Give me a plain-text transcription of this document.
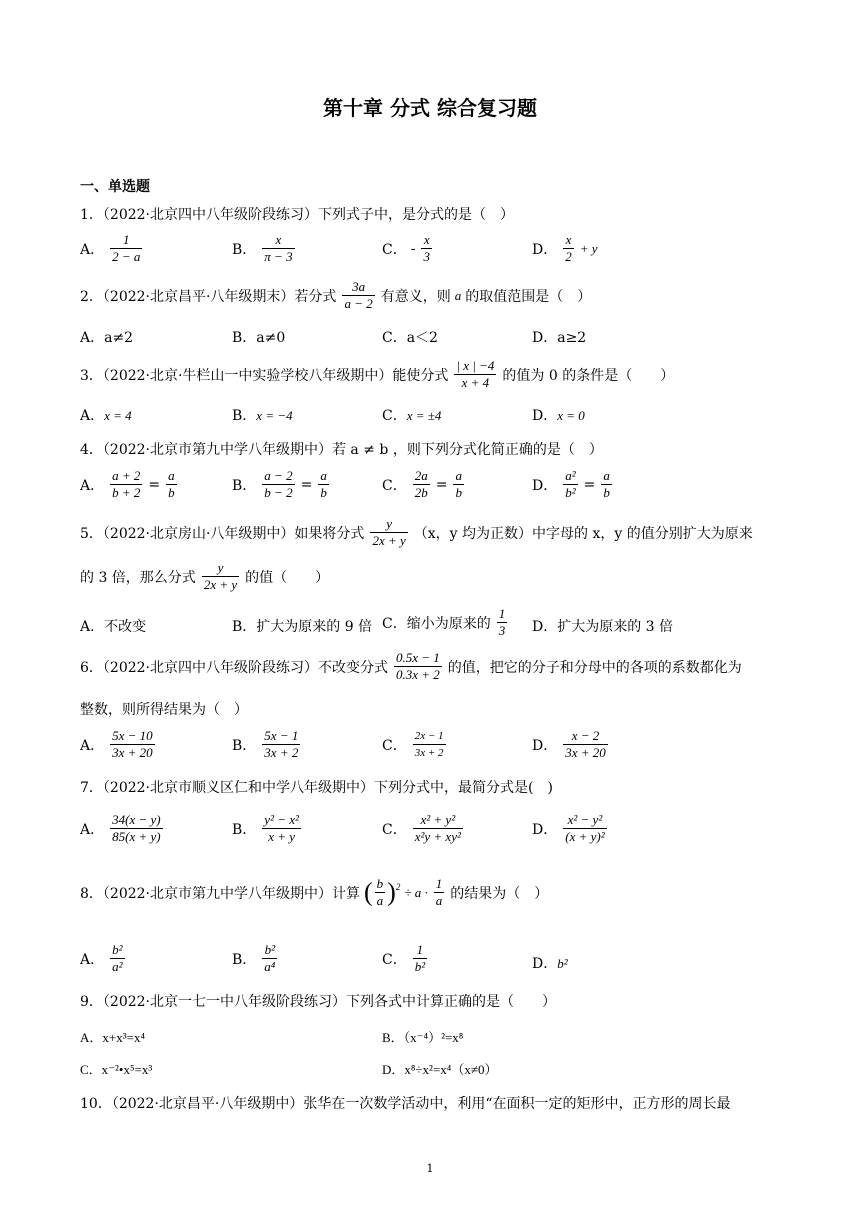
第十章 分式 综合复习题
一、单选题
1．（2022·北京四中八年级阶段练习）下列式子中，是分式的是（　）
A． $\frac{1}{2 - a}$	B． $\frac{x}{\pi - 3}$	C． - $\frac{x}{3}$	D． $\frac{x}{2} + y$
2．（2022·北京昌平·八年级期末）若分式 $\frac{3a}{a - 2}$ 有意义，则 a 的取值范围是（　）
A．a≠2	B．a≠0	C．a＜2	D．a≥2
3．（2022·北京·牛栏山一中实验学校八年级期中）能使分式 $\frac{| x | -4}{x + 4}$ 的值为 0 的条件是（　　）
A．x = 4	B．x = −4	C．x = ±4	D．x = 0
4．（2022·北京市第九中学八年级期中）若 a ≠ b ，则下列分式化简正确的是（　）
A． $\frac{a + 2}{b + 2} = \frac{a}{b}$	B． $\frac{a - 2}{b - 2} = \frac{a}{b}$	C． $\frac{2a}{2b} = \frac{a}{b}$	D． $\frac{\text{a²}}{\text{b²}} = \frac{a}{b}$
5．（2022·北京房山·八年级期中）如果将分式 $\frac{y}{2x + y} (x$，y 均为正数）中字母的 x，y 的值分别扩大为原来
的 3 倍，那么分式 $\frac{y}{2x + y}$ 的值（　　）
A．不改变	B．扩大为原来的 9 倍 C．缩小为原来的 $\frac{1}{3}$ D．扩大为原来的 3 倍
6．（2022·北京四中八年级阶段练习）不改变分式 $\frac{0.5x - 1}{0.3x + 2}$ 的值，把它的分子和分母中的各项的系数都化为
整数，则所得结果为（　）
A． $\frac{5x - 10}{3x + 20}$	B． $\frac{5x - 1}{3x + 2}$	C． $\frac{2x - 1}{3x + 2}$	D． $\frac{x - 2}{3x + 20}$
7．（2022·北京市顺义区仁和中学八年级期中）下列分式中，最简分式是(　)
A． $\frac{34(x - y)}{85(x + y)}$	B． $\frac{\text{y² − x²}}{x + y}$	C． $\frac{\text{x² + y²}}{\text{x²y + xy²}}$	D． $\frac{\text{x² − y²}}{\text{(x + y)²}}$
8．（2022·北京市第九中学八年级期中）计算 ( $\frac{b}{a} )^2 \div a \cdot \frac{1}{a}$ 的结果为（　）
A． $\frac{\text{b²}}{\text{a²}}$	B． $\frac{\text{b²}}{\text{a⁴}}$	C． $\frac{1}{\text{b²}}$	D．b²
9．（2022·北京一七一中八年级阶段练习）下列各式中计算正确的是（　　）
A．x+x³=x⁴	B．（x⁻⁴）²=x⁸
C．x⁻²•x⁵=x³	D．x⁸÷x²=x⁴（x≠0）
10．（2022·北京昌平·八年级期中）张华在一次数学活动中，利用“在面积一定的矩形中，正方形的周长最
1
